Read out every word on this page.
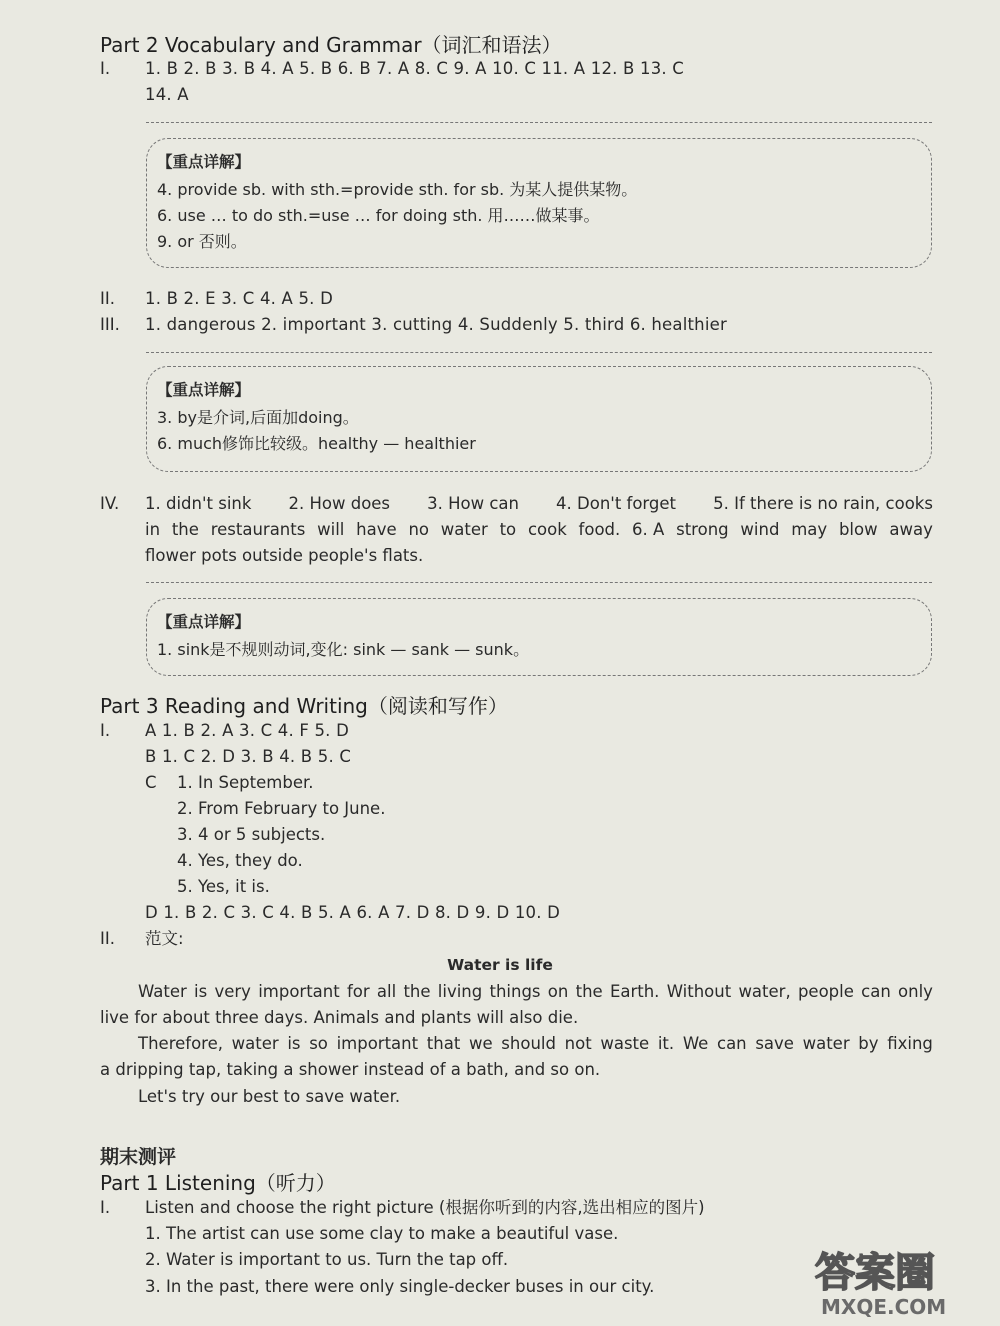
Part 2 Vocabulary and Grammar（词汇和语法）
I. 1. B 2. B 3. B 4. A 5. B 6. B 7. A 8. C 9. A 10. C 11. A 12. B 13. C
14. A
【重点详解】
4. provide sb. with sth.=provide sth. for sb. 为某人提供某物。
6. use … to do sth.=use … for doing sth. 用……做某事。
9. or 否则。
II. 1. B 2. E 3. C 4. A 5. D
III. 1. dangerous 2. important 3. cutting 4. Suddenly 5. third 6. healthier
【重点详解】
3. by是介词,后面加doing。
6. much修饰比较级。healthy — healthier
IV. 1. didn't sink 2. How does 3. How can 4. Don't forget 5. If there is no rain, cooks
in the restaurants will have no water to cook food. 6. A strong wind may blow away
flower pots outside people's flats.
【重点详解】
1. sink是不规则动词,变化: sink — sank — sunk。
Part 3 Reading and Writing（阅读和写作）
I. A 1. B 2. A 3. C 4. F 5. D
B 1. C 2. D 3. B 4. B 5. C
C 1. In September.
2. From February to June.
3. 4 or 5 subjects.
4. Yes, they do.
5. Yes, it is.
D 1. B 2. C 3. C 4. B 5. A 6. A 7. D 8. D 9. D 10. D
II. 范文:
Water is life
Water is very important for all the living things on the Earth. Without water, people can only
live for about three days. Animals and plants will also die.
Therefore, water is so important that we should not waste it. We can save water by fixing
a dripping tap, taking a shower instead of a bath, and so on.
Let's try our best to save water.
期末测评
Part 1 Listening（听力）
I. Listen and choose the right picture (根据你听到的内容,选出相应的图片)
1. The artist can use some clay to make a beautiful vase.
2. Water is important to us. Turn the tap off.
3. In the past, there were only single-decker buses in our city.	答案圈
MXQE.COM
